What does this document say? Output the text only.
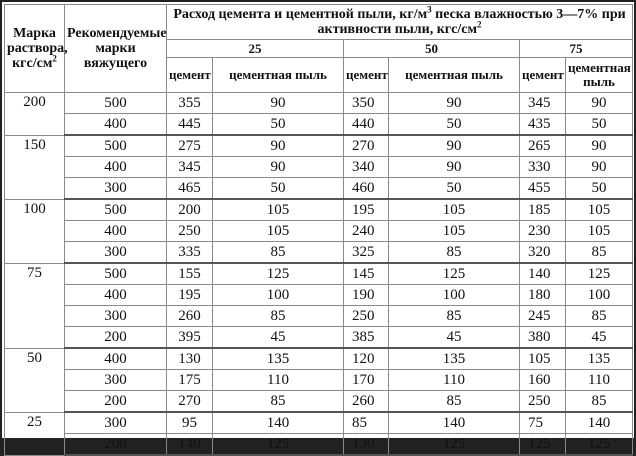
Марка раствора, кгс/$см^2$	Рекомендуемые марки вяжущего	Расход цемента и цементной пыли, $кг/м^3$ песка влажностью 3—7% при активности пыли, кгс/$см^2$
		25		50		75	
		цемент	цементная пыль	цемент	цементная пыль	цемент	цементная пыль
200	500	355	90	350	90	345	90
	400	445	50	440	50	435	50
150	500	275	90	270	90	265	90
	400	345	90	340	90	330	90
	300	465	50	460	50	455	50
100	500	200	105	195	105	185	105
	400	250	105	240	105	230	105
	300	335	85	325	85	320	85
75	500	155	125	145	125	140	125
	400	195	100	190	100	180	100
	300	260	85	250	85	245	85
	200	395	45	385	45	380	45
50	400	130	135	120	135	105	135
	300	175	110	170	110	160	110
	200	270	85	260	85	250	85
25	300	95	140	85	140	75	140
	200	140	125	130	125	125	125
